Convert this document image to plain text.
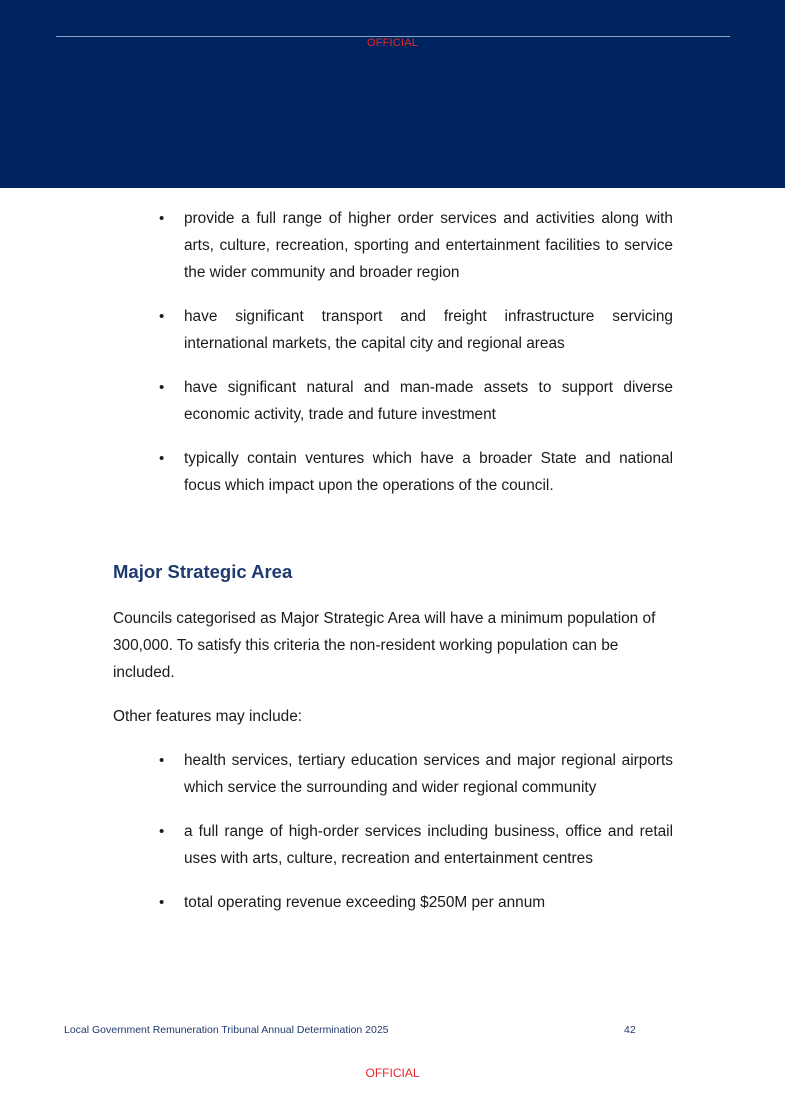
OFFICIAL
• provide a full range of higher order services and activities along with arts, culture, recreation, sporting and entertainment facilities to service the wider community and broader region
• have significant transport and freight infrastructure servicing international markets, the capital city and regional areas
• have significant natural and man-made assets to support diverse economic activity, trade and future investment
• typically contain ventures which have a broader State and national focus which impact upon the operations of the council.
Major Strategic Area

Councils categorised as Major Strategic Area will have a minimum population of 300,000. To satisfy this criteria the non-resident working population can be included.

Other features may include:

• health services, tertiary education services and major regional airports which service the surrounding and wider regional community
• a full range of high-order services including business, office and retail uses with arts, culture, recreation and entertainment centres
• total operating revenue exceeding $250M per annum
Local Government Remuneration Tribunal Annual Determination 2025	42
OFFICIAL
